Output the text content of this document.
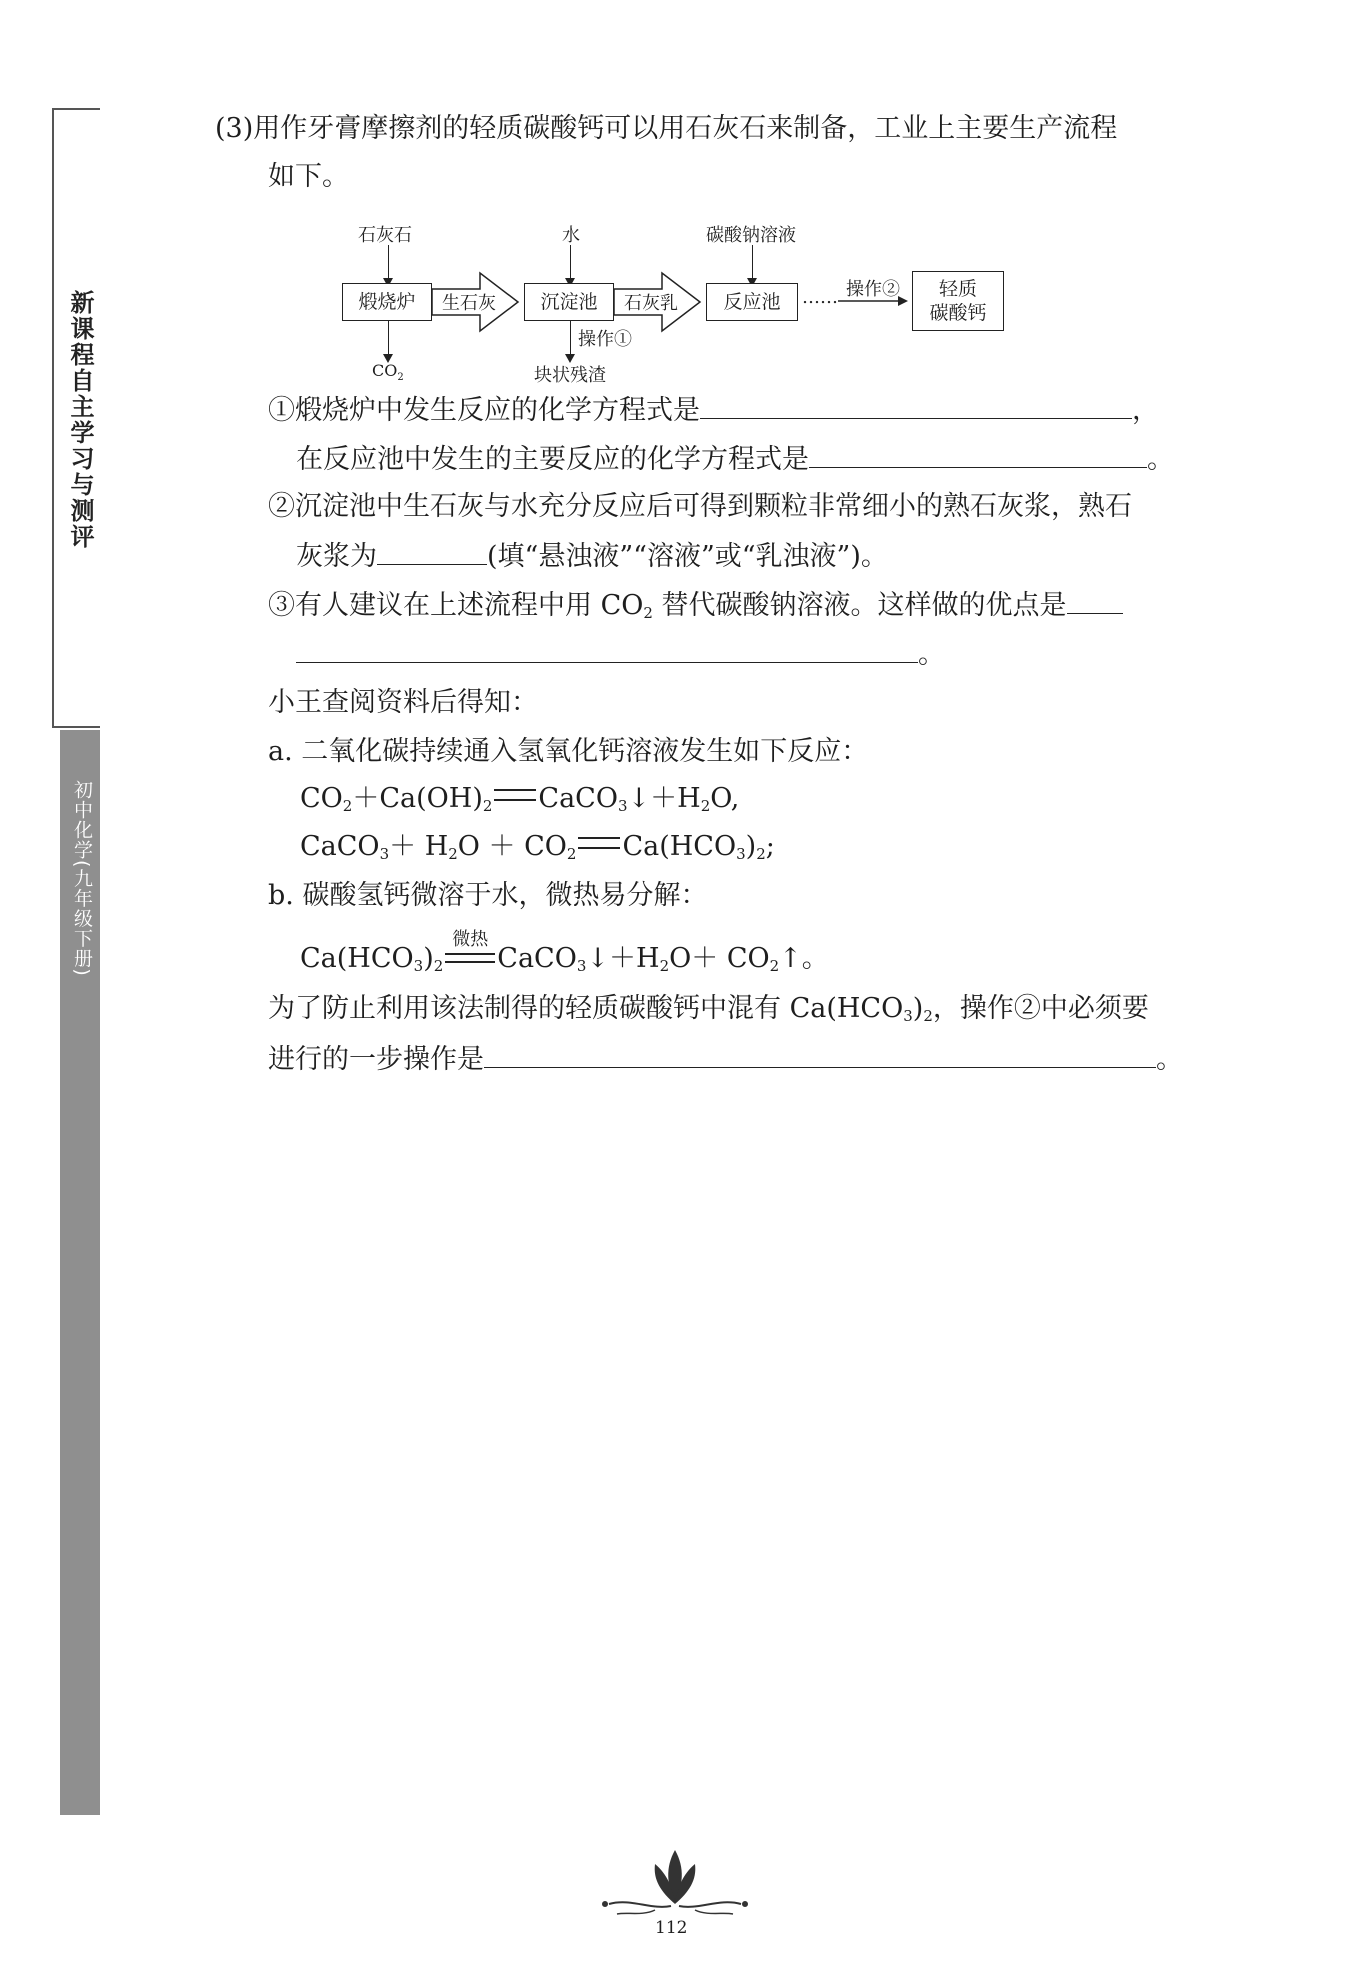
新课程自主学习与测评
初中化学(九年级下册)
(3)用作牙膏摩擦剂的轻质碳酸钙可以用石灰石来制备，工业上主要生产流程
如下。
石灰石	水	碳酸钠溶液
煅烧炉	生石灰	沉淀池	石灰乳	反应池	…… 操作②	轻质
碳酸钙
操作①
$CO_2$	块状残渣
①煅烧炉中发生反应的化学方程式是	，
在反应池中发生的主要反应的化学方程式是	。
②沉淀池中生石灰与水充分反应后可得到颗粒非常细小的熟石灰浆，熟石
灰浆为	(填“悬浊液”“溶液”或“乳浊液”)。
③有人建议在上述流程中用 $CO_2$ 替代碳酸钠溶液。这样做的优点是
。
小王查阅资料后得知：
a. 二氧化碳持续通入氢氧化钙溶液发生如下反应：
$CO_2+Ca(OH)_2$ $CaCO_3↓+H_2O$,
CaCO$_3$＋ $H_2O + CO_2$ $Ca(HCO_3)_2$;
b. 碳酸氢钙微溶于水，微热易分解：
$Ca(HCO_3)_2$
微热
$CaCO_3↓+H_2O+$ $CO_2↑$。
为了防止利用该法制得的轻质碳酸钙中混有 $Ca(HCO_3)_2$，操作②中必须要
进行的一步操作是	。
112
